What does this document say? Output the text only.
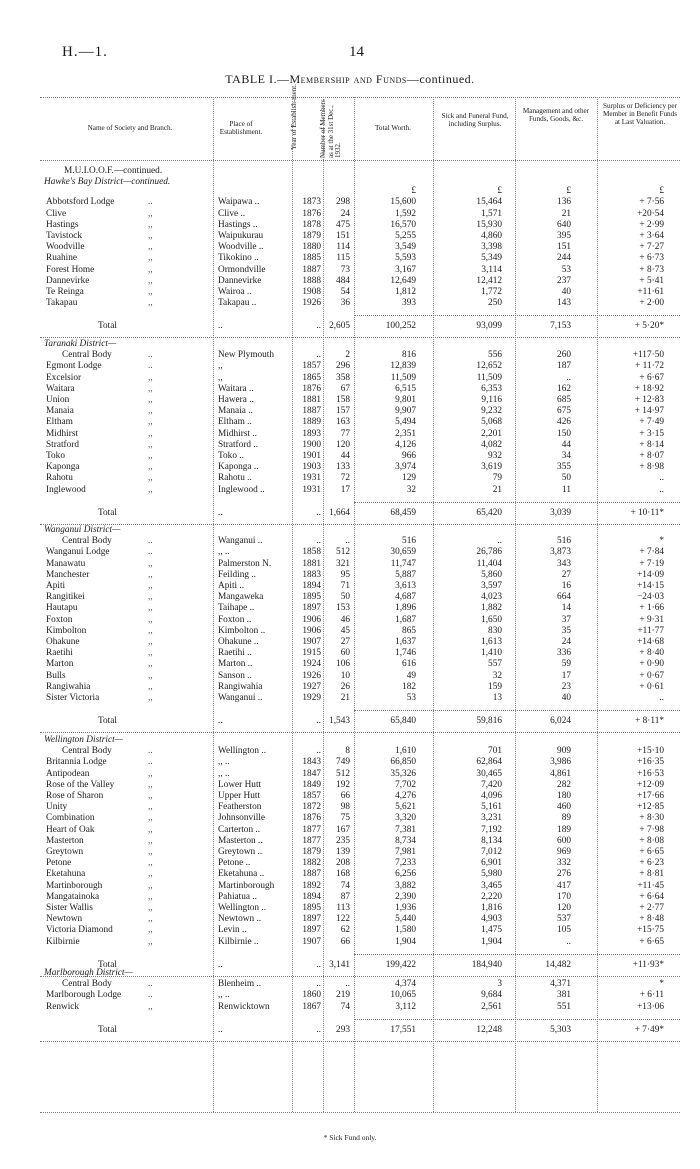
H.—1.	14
TABLE I.—Membership and Funds—continued.
Name of Society and Branch.	Place of Establishment.	Year of Establish-ment.	Number of Members as at the 31st Dec., 1932.
Total Worth.
Sick and Funeral Fund, including Surplus.
Management and other Funds, Goods, &c.
Surplus or Deficiency per Member in Benefit Funds at Last Valuation.
M.U.I.O.O.F.—continued.
Hawke's Bay District—continued.
£	£	£	£
Abbotsford Lodge	..	Waipawa ..	1873	298	15,600	15,464	136	+ 7·56
Clive	,,	Clive ..	1876	24	1,592	1,571	21	+20·54
Hastings	,,	Hastings ..	1878	475	16,570	15,930	640	+ 2·99
Tavistock	,,	Waipukurau	1879	151	5,255	4,860	395	+ 3·64
Woodville	,,	Woodville ..	1880	114	3,549	3,398	151	+ 7·27
Ruahine	,,	Tikokino ..	1885	115	5,593	5,349	244	+ 6·73
Forest Home	,,	Ormondville	1887	73	3,167	3,114	53	+ 8·73
Dannevirke	,,	Dannevirke	1888	484	12,649	12,412	237	+ 5·41
Te Reinga	,,	Wairoa ..	1908	54	1,812	1,772	40	+11·61
Takapau	,,	Takapau ..	1926	36	393	250	143	+ 2·00
Total	..	.. 2,605	100,252	93,099	7,153	+ 5·20*
Taranaki District—
Central Body	..	New Plymouth	..	2	816	556	260	+117·50
Egmont Lodge	..	,,	1857	296	12,839	12,652	187	+ 11·72
Excelsior	,,	,,	1865	358	11,509	11,509	..	+ 6·67
Waitara	,,	Waitara ..	1876	67	6,515	6,353	162	+ 18·92
Union	,,	Hawera ..	1881	158	9,801	9,116	685	+ 12·83
Manaia	,,	Manaia ..	1887	157	9,907	9,232	675	+ 14·97
Eltham	,,	Eltham ..	1889	163	5,494	5,068	426	+ 7·49
Midhirst	,,	Midhirst ..	1893	77	2,351	2,201	150	+ 3·15
Stratford	,,	Stratford ..	1900	120	4,126	4,082	44	+ 8·14
Toko	,,	Toko ..	1901	44	966	932	34	+ 8·07
Kaponga	,,	Kaponga ..	1903	133	3,974	3,619	355	+ 8·98
Rahotu	,,	Rahotu ..	1931	72	129	79	50	..
Inglewood	,,	Inglewood ..	1931	17	32	21	11	..
Total	..	.. 1,664	68,459	65,420	3,039	+ 10·11*
Wanganui District—
Central Body	..	Wanganui ..	..	..	516	..	516	*
Wanganui Lodge	..	,, ..	1858	512	30,659	26,786	3,873	+ 7·84
Manawatu	,,	Palmerston N.	1881	321	11,747	11,404	343	+ 7·19
Manchester	,,	Feilding ..	1883	95	5,887	5,860	27	+14·09
Apiti	,,	Apiti ..	1894	71	3,613	3,597	16	+14·15
Rangitikei	,,	Mangaweka	1895	50	4,687	4,023	664	−24·03
Hautapu	,,	Taihape ..	1897	153	1,896	1,882	14	+ 1·66
Foxton	,,	Foxton ..	1906	46	1,687	1,650	37	+ 9·31
Kimbolton	,,	Kimbolton ..	1906	45	865	830	35	+11·77
Ohakune	,,	Ohakune ..	1907	27	1,637	1,613	24	+14·68
Raetihi	,,	Raetihi ..	1915	60	1,746	1,410	336	+ 8·40
Marton	,,	Marton ..	1924	106	616	557	59	+ 0·90
Bulls	,,	Sanson ..	1926	10	49	32	17	+ 0·67
Rangiwahia	,,	Rangiwahia	1927	26	182	159	23	+ 0·61
Sister Victoria	,,	Wanganui ..	1929	21	53	13	40	..
Total	..	.. 1,543	65,840	59,816	6,024	+ 8·11*
Wellington District—
Central Body	..	Wellington ..	..	8	1,610	701	909	+15·10
Britannia Lodge	..	,, ..	1843	749	66,850	62,864	3,986	+16·35
Antipodean	,,	,, ..	1847	512	35,326	30,465	4,861	+16·53
Rose of the Valley	,,	Lower Hutt	1849	192	7,702	7,420	282	+12·09
Rose of Sharon	,,	Upper Hutt	1857	66	4,276	4,096	180	+17·66
Unity	,,	Featherston	1872	98	5,621	5,161	460	+12·85
Combination	,,	Johnsonville	1876	75	3,320	3,231	89	+ 8·30
Heart of Oak	,,	Carterton ..	1877	167	7,381	7,192	189	+ 7·98
Masterton	,,	Masterton ..	1877	235	8,734	8,134	600	+ 8·08
Greytown	,,	Greytown ..	1879	139	7,981	7,012	969	+ 6·65
Petone	,,	Petone ..	1882	208	7,233	6,901	332	+ 6·23
Eketahuna	,,	Eketahuna ..	1887	168	6,256	5,980	276	+ 8·81
Martinborough	,,	Martinborough	1892	74	3,882	3,465	417	+11·45
Mangatainoka	,,	Pahiatua ..	1894	87	2,390	2,220	170	+ 6·64
Sister Wallis	,,	Wellington ..	1895	113	1,936	1,816	120	+ 2·77
Newtown	,,	Newtown ..	1897	122	5,440	4,903	537	+ 8·48
Victoria Diamond	,,	Levin ..	1897	62	1,580	1,475	105	+15·75
Kilbirnie	,,	Kilbirnie ..	1907	66	1,904	1,904	..	+ 6·65
Total	..	.. 3,141	199,422	184,940	14,482	+11·93*
Marlborough District—
Central Body	..	Blenheim ..	..	..	4,374	3	4,371	*
Marlborough Lodge	..	,, ..	1860	219	10,065	9,684	381	+ 6·11
Renwick	,,	Renwicktown	1867	74	3,112	2,561	551	+13·06
Total	..	..	293	17,551	12,248	5,303	+ 7·49*
* Sick Fund only.
